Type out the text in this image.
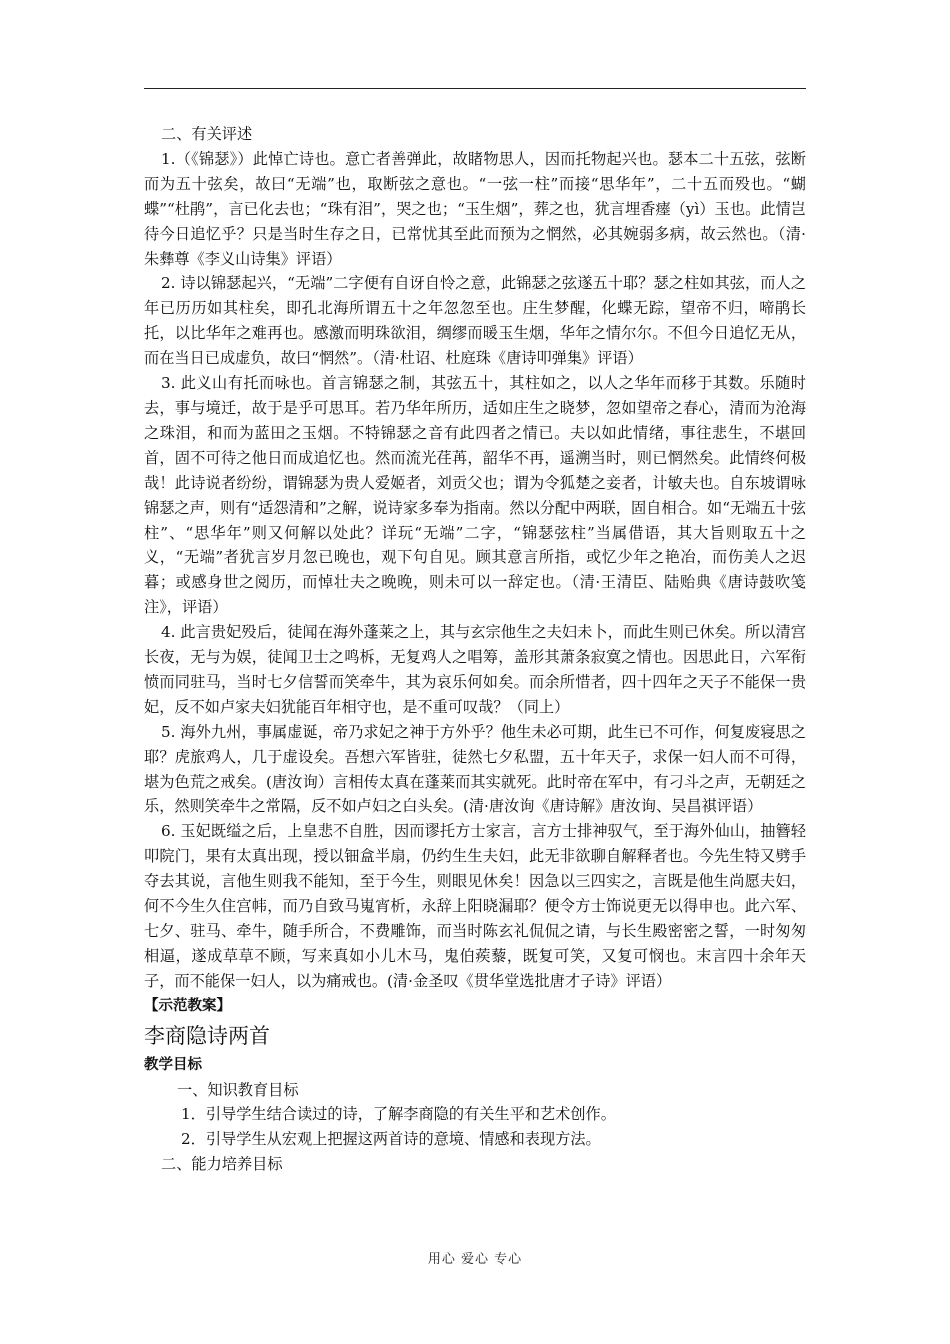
二、有关评述

1.（《锦瑟》）此悼亡诗也。意亡者善弹此，故睹物思人，因而托物起兴也。瑟本二十五弦，弦断而为五十弦矣，故曰“无端”也，取断弦之意也。“一弦一柱”而接“思华年”，二十五而殁也。“蝴蝶”“杜鹃”，言已化去也；“珠有泪”，哭之也；“玉生烟”，葬之也，犹言埋香瘗（yì）玉也。此情岂待今日追忆乎？只是当时生存之日，已常忧其至此而预为之惘然，必其婉弱多病，故云然也。（清·朱彝尊《李义山诗集》评语）

2. 诗以锦瑟起兴，“无端”二字便有自讶自怜之意，此锦瑟之弦遂五十耶？瑟之柱如其弦，而人之年已历历如其柱矣，即孔北海所谓五十之年忽忽至也。庄生梦醒，化蝶无踪，望帝不归，啼鹃长托，以比华年之难再也。感激而明珠欲泪，绸缪而暖玉生烟，华年之情尔尔。不但今日追忆无从，而在当日已成虚负，故曰“惘然”。（清·杜诏、杜庭珠《唐诗叩弹集》评语）

3. 此义山有托而咏也。首言锦瑟之制，其弦五十，其柱如之，以人之华年而移于其数。乐随时去，事与境迁，故于是乎可思耳。若乃华年所历，适如庄生之晓梦，忽如望帝之春心，清而为沧海之珠泪，和而为蓝田之玉烟。不特锦瑟之音有此四者之情已。夫以如此情绪，事往悲生，不堪回首，固不可待之他日而成追忆也。然而流光荏苒，韶华不再，遥溯当时，则已惘然矣。此情终何极哉！此诗说者纷纷，谓锦瑟为贵人爱姬者，刘贡父也；谓为令狐楚之妾者，计敏夫也。自东坡谓咏锦瑟之声，则有“适怨清和”之解，说诗家多奉为指南。然以分配中两联，固自相合。如“无端五十弦柱”、“思华年”则又何解以处此？详玩“无端”二字，“锦瑟弦柱”当属借语，其大旨则取五十之义，“无端”者犹言岁月忽已晚也，观下句自见。顾其意言所指，或忆少年之艳冶，而伤美人之迟暮；或感身世之阅历，而悼壮夫之晚晚，则未可以一辞定也。（清·王清臣、陆贻典《唐诗鼓吹笺注》，评语）

4. 此言贵妃殁后，徒闻在海外蓬莱之上，其与玄宗他生之夫妇未卜，而此生则已休矣。所以清宫长夜，无与为娱，徒闻卫士之鸣柝，无复鸡人之唱筹，盖形其萧条寂寞之情也。因思此日，六军衔愤而同驻马，当时七夕信誓而笑牵牛，其为哀乐何如矣。而余所惜者，四十四年之天子不能保一贵妃，反不如卢家夫妇犹能百年相守也，是不重可叹哉？（同上）

5. 海外九州，事属虚诞，帝乃求妃之神于方外乎？他生未必可期，此生已不可作，何复废寝思之耶？虎旅鸡人，几于虚设矣。吾想六军皆驻，徒然七夕私盟，五十年天子，求保一妇人而不可得，堪为色荒之戒矣。(唐汝询）言相传太真在蓬莱而其实就死。此时帝在军中，有刁斗之声，无朝廷之乐，然则笑牵牛之常隔，反不如卢妇之白头矣。(清·唐汝询《唐诗解》唐汝询、吴昌祺评语）

6. 玉妃既缢之后，上皇悲不自胜，因而谬托方士家言，言方士排神驭气，至于海外仙山，抽簪轻叩院门，果有太真出现，授以钿盒半扇，仍约生生夫妇，此无非欲聊自解释者也。今先生特又劈手夺去其说，言他生则我不能知，至于今生，则眼见休矣！因急以三四实之，言既是他生尚愿夫妇，何不今生久住宫帏，而乃自致马嵬宵析，永辞上阳晓漏耶？便令方士饰说更无以得申也。此六军、七夕、驻马、牵牛，随手所合，不费雕饰，而当时陈玄礼侃侃之请，与长生殿密密之誓，一时匆匆相逼，遂成草草不顾，写来真如小儿木马，鬼伯蒺藜，既复可笑，又复可悯也。末言四十余年天子，而不能保一妇人，以为痛戒也。(清·金圣叹《贯华堂选批唐才子诗》评语）

【示范教案】

李商隐诗两首

教学目标

一、知识教育目标

1．引导学生结合读过的诗，了解李商隐的有关生平和艺术创作。

2．引导学生从宏观上把握这两首诗的意境、情感和表现方法。

二、能力培养目标

用心 爱心 专心
